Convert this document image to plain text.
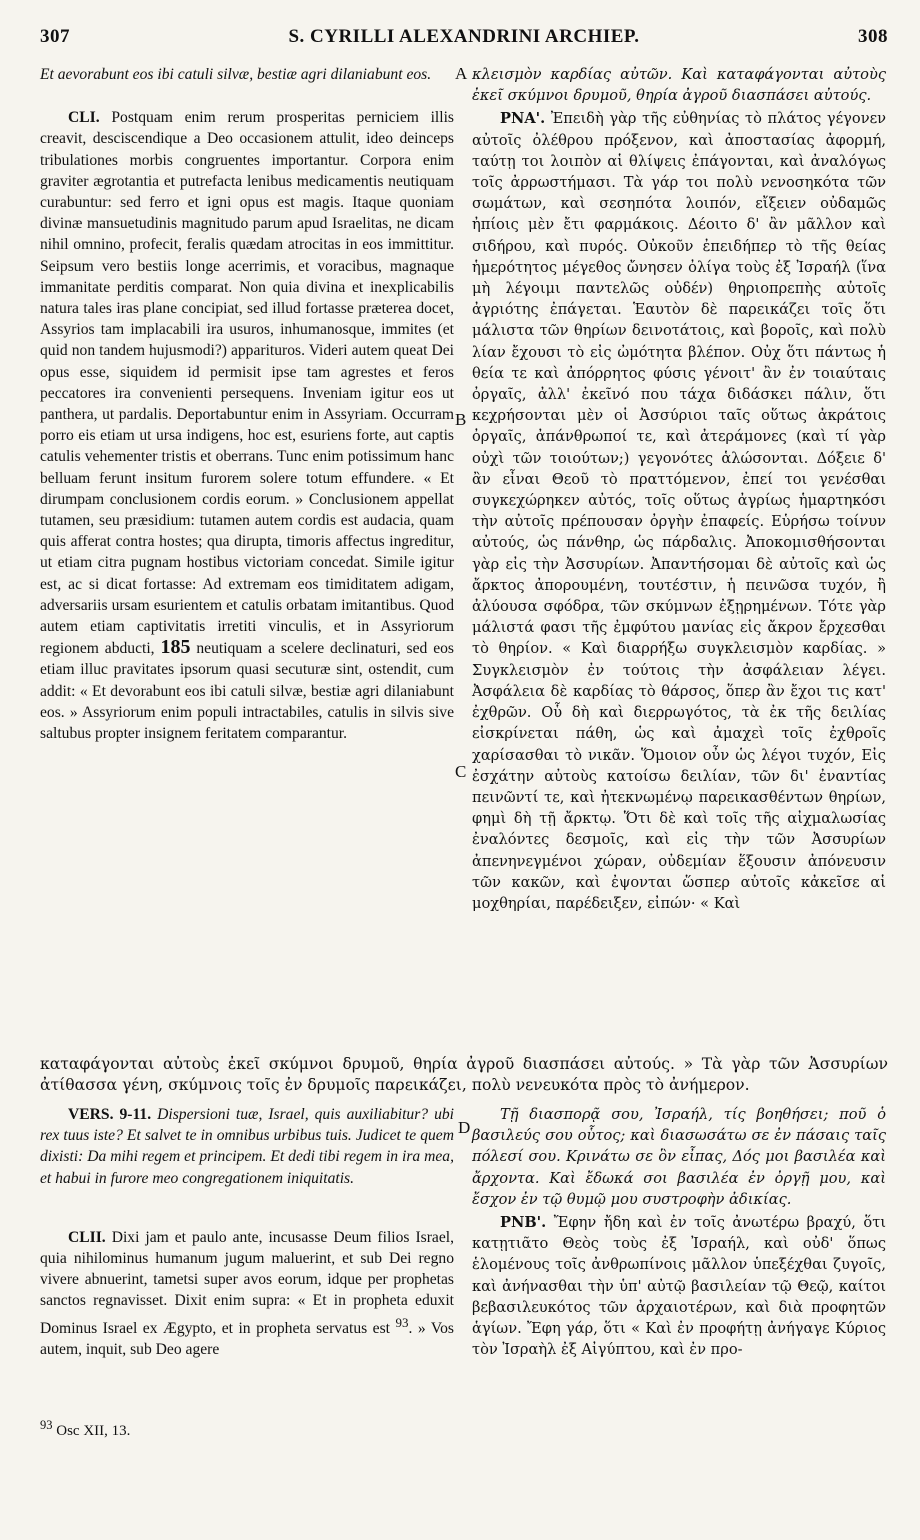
307	S. CYRILLI ALEXANDRINI ARCHIEP.	308
A
B
C
D

Et aevorabunt eos ibi catuli silvæ, bestiæ agri dilaniabunt eos.

CLI. Postquam enim rerum prosperitas perniciem illis creavit, desciscendique a Deo occasionem attulit, ideo deinceps tribulationes morbis congruentes importantur. Corpora enim graviter ægrotantia et putrefacta lenibus medicamentis neutiquam curabuntur: sed ferro et igni opus est magis. Itaque quoniam divinæ mansuetudinis magnitudo parum apud Israelitas, ne dicam nihil omnino, profecit, feralis quædam atrocitas in eos immittitur. Seipsum vero bestiis longe acerrimis, et voracibus, magnaque immanitate perditis comparat. Non quia divina et inexplicabilis natura tales iras plane concipiat, sed illud fortasse præterea docet, Assyrios tam implacabili ira usuros, inhumanosque, immites (et quid non tandem hujusmodi?) apparituros. Videri autem queat Dei opus esse, siquidem id permisit ipse tam agrestes et feros peccatores ira convenienti persequens. Inveniam igitur eos ut panthera, ut pardalis. Deportabuntur enim in Assyriam. Occurram porro eis etiam ut ursa indigens, hoc est, esuriens forte, aut captis catulis vehementer tristis et oberrans. Tunc enim potissimum hanc belluam ferunt insitum furorem solere totum effundere. « Et dirumpam conclusionem cordis eorum. » Conclusionem appellat tutamen, seu præsidium: tutamen autem cordis est audacia, quam quis afferat contra hostes; qua dirupta, timoris affectus ingreditur, ut etiam citra pugnam hostibus victoriam concedat. Simile igitur est, ac si dicat fortasse: Ad extremam eos timiditatem adigam, adversariis ursam esurientem et catulis orbatam imitantibus. Quod autem etiam captivitatis irretiti vinculis, et in Assyriorum regionem abducti, 185 neutiquam a scelere declinaturi, sed eos etiam illuc pravitates ipsorum quasi secuturæ sint, ostendit, cum addit: « Et devorabunt eos ibi catuli silvæ, bestiæ agri dilaniabunt eos. » Assyriorum enim populi intractabiles, catulis in silvis sive saltubus propter insignem feritatem comparantur.

κλεισμὸν καρδίας αὐτῶν. Καὶ καταφάγονται αὐτοὺς ἐκεῖ σκύμνοι δρυμοῦ, θηρία ἀγροῦ διασπάσει αὐτούς.

ΡΝΑ'. Ἐπειδὴ γὰρ τῆς εὐθηνίας τὸ πλάτος γέγονεν αὐτοῖς ὀλέθρου πρόξενον, καὶ ἀποστασίας ἀφορμή, ταύτῃ τοι λοιπὸν αἱ θλίψεις ἐπάγονται, καὶ ἀναλόγως τοῖς ἀρρωστήμασι. Τὰ γάρ τοι πολὺ νενοσηκότα τῶν σωμάτων, καὶ σεσηπότα λοιπόν, εἴξειεν οὐδαμῶς ἠπίοις μὲν ἔτι φαρμάκοις. Δέοιτο δ' ἂν μᾶλλον καὶ σιδήρου, καὶ πυρός. Οὐκοῦν ἐπειδήπερ τὸ τῆς θείας ἡμερότητος μέγεθος ὤνησεν ὀλίγα τοὺς ἐξ Ἰσραήλ (ἵνα μὴ λέγοιμι παντελῶς οὐδέν) θηριοπρεπὴς αὐτοῖς ἀγριότης ἐπάγεται. Ἑαυτὸν δὲ παρεικάζει τοῖς ὅτι μάλιστα τῶν θηρίων δεινοτάτοις, καὶ βοροῖς, καὶ πολὺ λίαν ἔχουσι τὸ εἰς ὠμότητα βλέπον. Οὐχ ὅτι πάντως ἡ θεία τε καὶ ἀπόρρητος φύσις γένοιτ' ἂν ἐν τοιαύταις ὀργαῖς, ἀλλ' ἐκεῖνό που τάχα διδάσκει πάλιν, ὅτι κεχρήσονται μὲν οἱ Ἀσσύριοι ταῖς οὕτως ἀκράτοις ὀργαῖς, ἀπάνθρωποί τε, καὶ ἀτεράμονες (καὶ τί γὰρ οὐχὶ τῶν τοιούτων;) γεγονότες ἁλώσονται. Δόξειε δ' ἂν εἶναι Θεοῦ τὸ πραττόμενον, ἐπεί τοι γενέσθαι συγκεχώρηκεν αὐτός, τοῖς οὕτως ἀγρίως ἡμαρτηκόσι τὴν αὐτοῖς πρέπουσαν ὀργὴν ἐπαφείς. Εὑρήσω τοίνυν αὐτούς, ὡς πάνθηρ, ὡς πάρδαλις. Ἀποκομισθήσονται γὰρ εἰς τὴν Ἀσσυρίων. Ἀπαντήσομαι δὲ αὐτοῖς καὶ ὡς ἄρκτος ἀπορουμένη, τουτέστιν, ἡ πεινῶσα τυχόν, ἢ ἀλύουσα σφόδρα, τῶν σκύμνων ἐξῃρημένων. Τότε γὰρ μάλιστά φασι τῆς ἐμφύτου μανίας εἰς ἄκρον ἔρχεσθαι τὸ θηρίον. « Καὶ διαρρήξω συγκλεισμὸν καρδίας. » Συγκλεισμὸν ἐν τούτοις τὴν ἀσφάλειαν λέγει. Ἀσφάλεια δὲ καρδίας τὸ θάρσος, ὅπερ ἂν ἔχοι τις κατ' ἐχθρῶν. Οὗ δὴ καὶ διερρωγότος, τὰ ἐκ τῆς δειλίας εἰσκρίνεται πάθη, ὡς καὶ ἀμαχεὶ τοῖς ἐχθροῖς χαρίσασθαι τὸ νικᾶν. Ὅμοιον οὖν ὡς λέγοι τυχόν, Εἰς ἐσχάτην αὐτοὺς κατοίσω δειλίαν, τῶν δι' ἐναντίας πεινῶντί τε, καὶ ἠτεκνωμένῳ παρεικασθέντων θηρίων, φημὶ δὴ τῇ ἄρκτῳ. Ὅτι δὲ καὶ τοῖς τῆς αἰχμαλωσίας ἐναλόντες δεσμοῖς, καὶ εἰς τὴν τῶν Ἀσσυρίων ἀπενηνεγμένοι χώραν, οὐδεμίαν ἕξουσιν ἀπόνευσιν τῶν κακῶν, καὶ ἐψονται ὥσπερ αὐτοῖς κἀκεῖσε αἱ μοχθηρίαι, παρέδειξεν, εἰπών· « Καὶ

καταφάγονται αὐτοὺς ἐκεῖ σκύμνοι δρυμοῦ, θηρία ἀγροῦ διασπάσει αὐτούς. » Τὰ γὰρ τῶν Ἀσσυρίων ἀτίθασσα γένη, σκύμνοις τοῖς ἐν δρυμοῖς παρεικάζει, πολὺ νενευκότα πρὸς τὸ ἀνήμερον.

VERS. 9-11. Dispersioni tuæ, Israel, quis auxiliabitur? ubi rex tuus iste? Et salvet te in omnibus urbibus tuis. Judicet te quem dixisti: Da mihi regem et principem. Et dedi tibi regem in ira mea, et habui in furore meo congregationem iniquitatis.

CLII. Dixi jam et paulo ante, incusasse Deum filios Israel, quia nihilominus humanum jugum maluerint, et sub Dei regno vivere abnuerint, tametsi super avos eorum, idque per prophetas sanctos regnavisset. Dixit enim supra: « Et in propheta eduxit Dominus Israel ex Ægypto, et in propheta servatus est $^{93}$. » Vos autem, inquit, sub Deo agere

Τῇ διασπορᾷ σου, Ἰσραήλ, τίς βοηθήσει; ποῦ ὁ βασιλεύς σου οὗτος; καὶ διασωσάτω σε ἐν πάσαις ταῖς πόλεσί σου. Κρινάτω σε ὃν εἶπας, Δός μοι βασιλέα καὶ ἄρχοντα. Καὶ ἔδωκά σοι βασιλέα ἐν ὀργῇ μου, καὶ ἔσχον ἐν τῷ θυμῷ μου συστροφὴν ἀδικίας.

ΡΝΒ'. Ἔφην ἤδη καὶ ἐν τοῖς ἀνωτέρω βραχύ, ὅτι κατῃτιᾶτο Θεὸς τοὺς ἐξ Ἰσραήλ, καὶ οὐδ' ὅπως ἑλομένους τοῖς ἀνθρωπίνοις μᾶλλον ὑπεξέχθαι ζυγοῖς, καὶ ἀνήνασθαι τὴν ὑπ' αὐτῷ βασιλείαν τῷ Θεῷ, καίτοι βεβασιλευκότος τῶν ἀρχαιοτέρων, καὶ διὰ προφητῶν ἁγίων. Ἔφη γάρ, ὅτι « Καὶ ἐν προφήτῃ ἀνήγαγε Κύριος τὸν Ἰσραὴλ ἐξ Αἰγύπτου, καὶ ἐν προ-

$^{93}$ Osc XII, 13.
